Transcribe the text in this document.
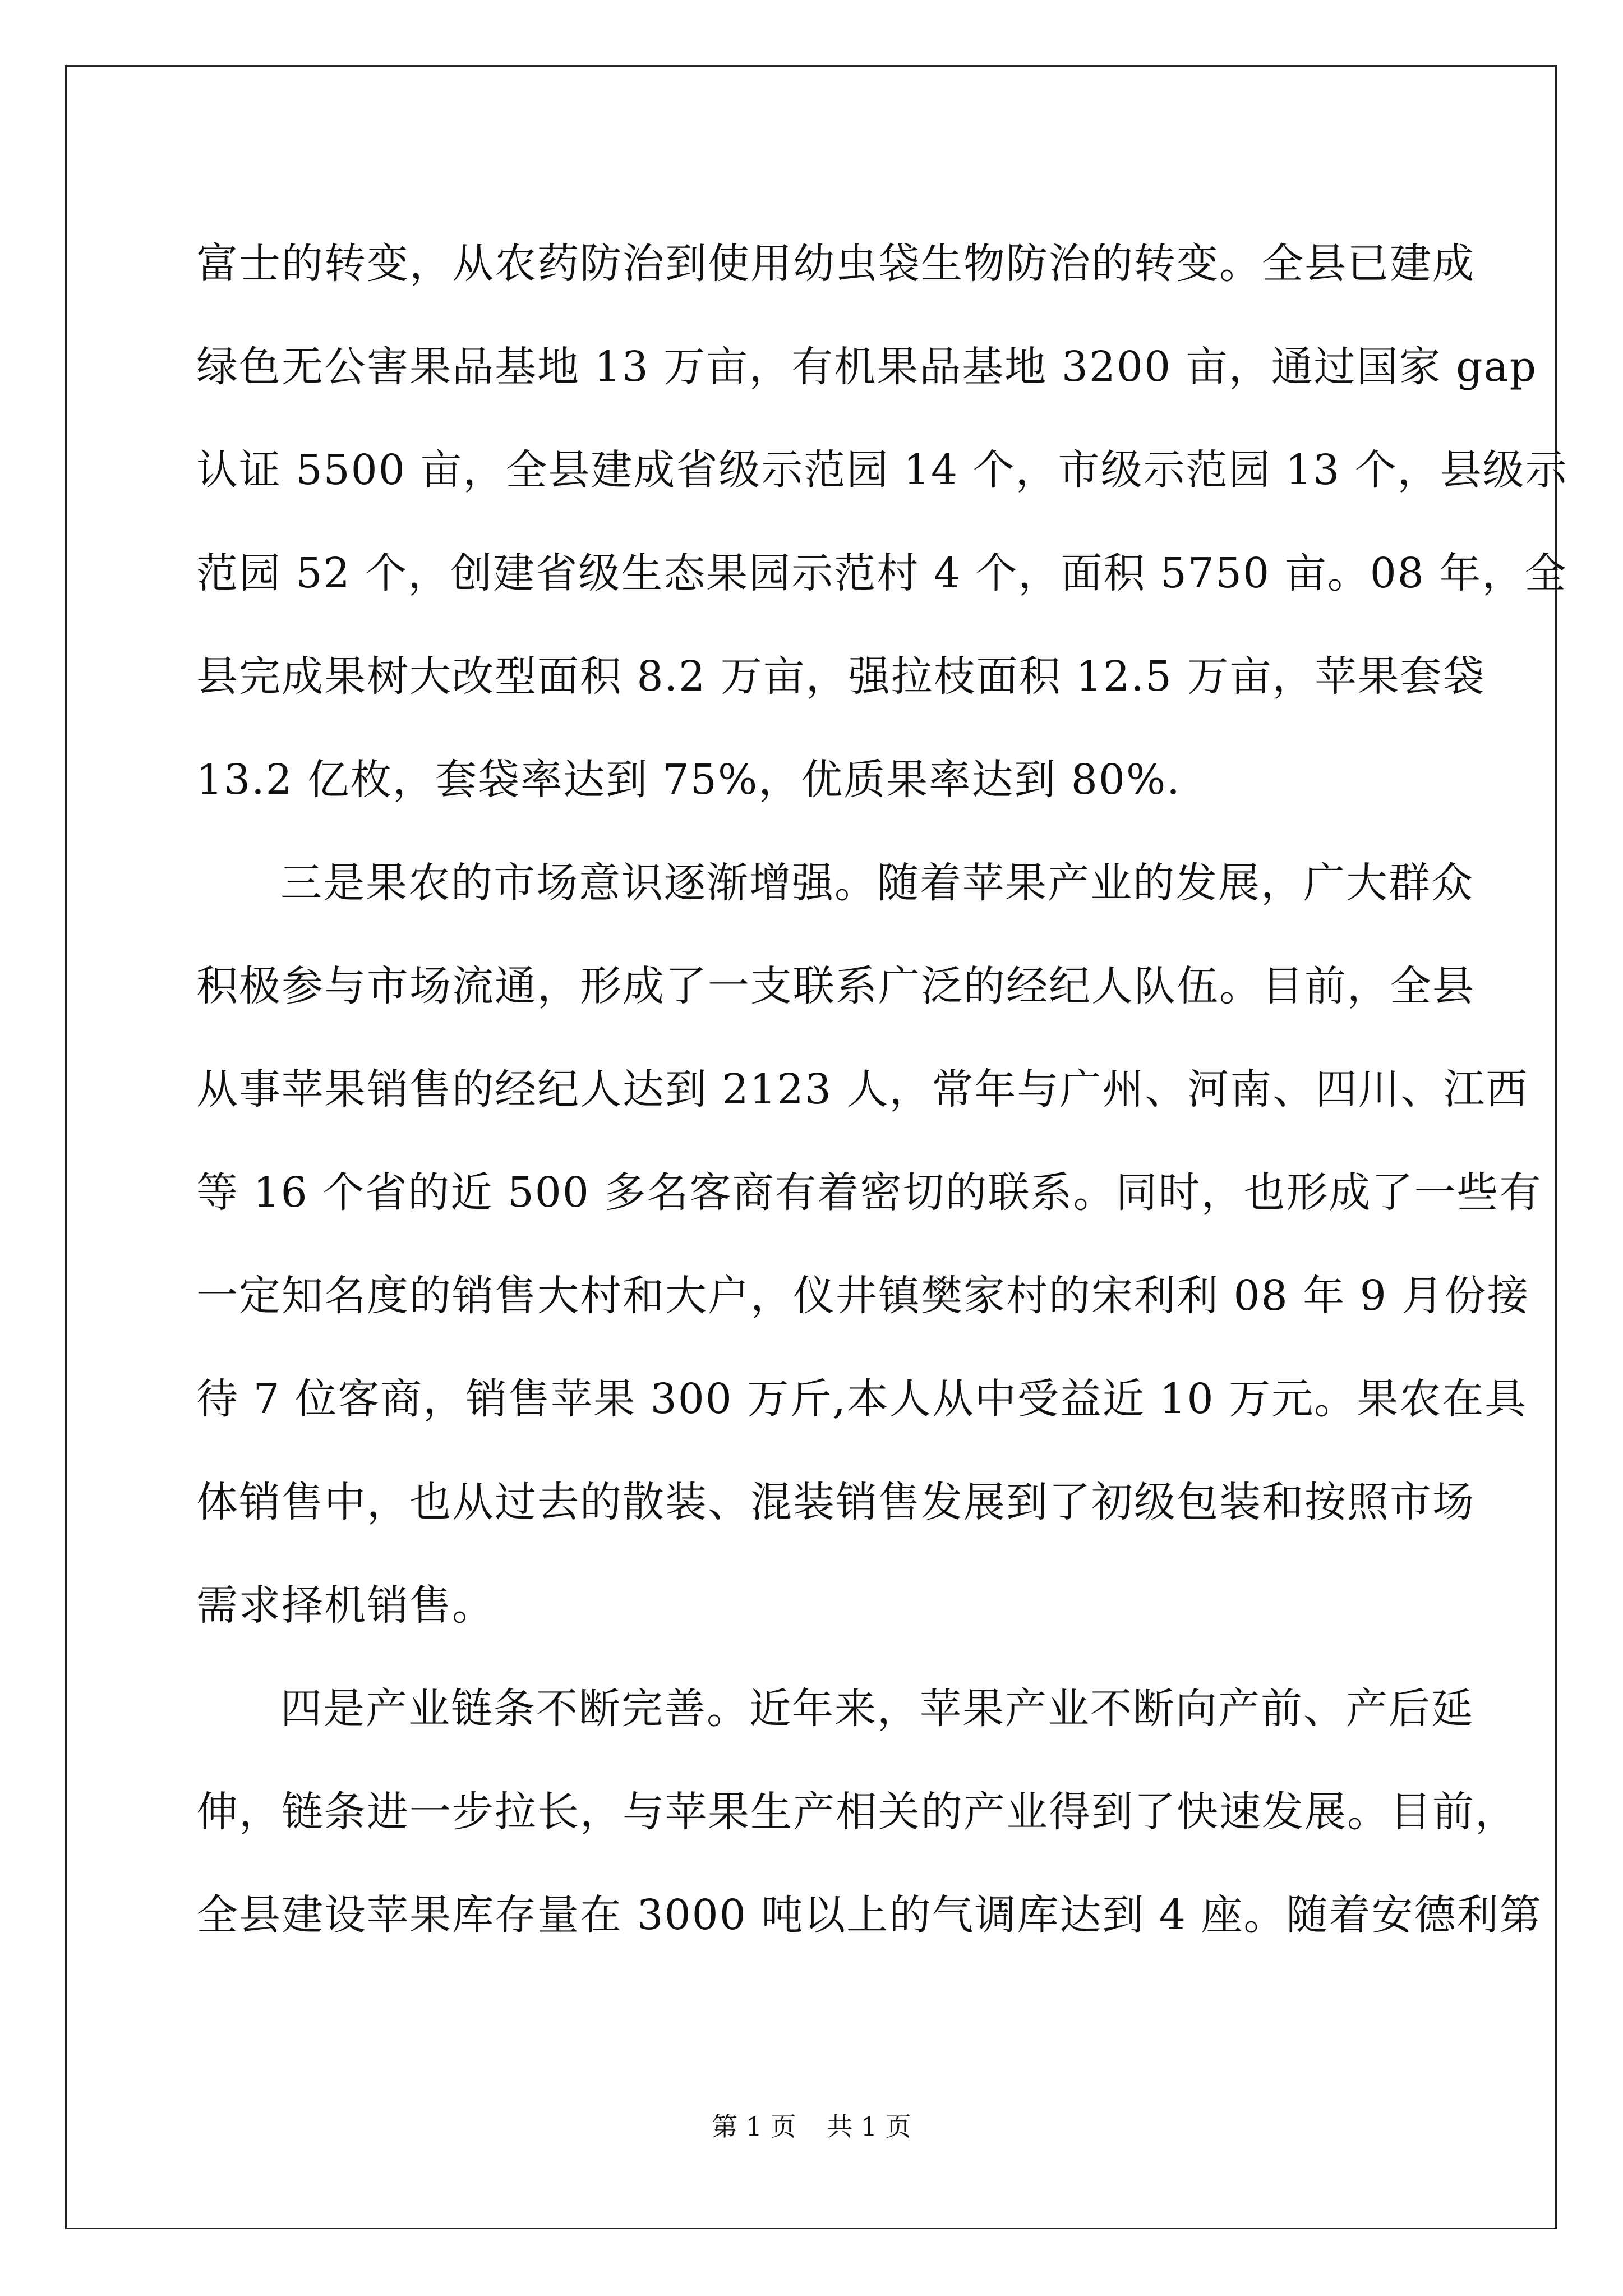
富士的转变，从农药防治到使用幼虫袋生物防治的转变。全县已建成
绿色无公害果品基地 13 万亩，有机果品基地 3200 亩，通过国家 gap
认证 5500 亩，全县建成省级示范园 14 个，市级示范园 13 个，县级示
范园 52 个，创建省级生态果园示范村 4 个，面积 5750 亩。08 年，全
县完成果树大改型面积 8.2 万亩，强拉枝面积 12.5 万亩，苹果套袋
13.2 亿枚，套袋率达到 75%，优质果率达到 80%.
三是果农的市场意识逐渐增强。随着苹果产业的发展，广大群众
积极参与市场流通，形成了一支联系广泛的经纪人队伍。目前，全县
从事苹果销售的经纪人达到 2123 人，常年与广州、河南、四川、江西
等 16 个省的近 500 多名客商有着密切的联系。同时，也形成了一些有
一定知名度的销售大村和大户，仪井镇樊家村的宋利利 08 年 9 月份接
待 7 位客商，销售苹果 300 万斤,本人从中受益近 10 万元。果农在具
体销售中，也从过去的散装、混装销售发展到了初级包装和按照市场
需求择机销售。
四是产业链条不断完善。近年来，苹果产业不断向产前、产后延
伸，链条进一步拉长，与苹果生产相关的产业得到了快速发展。目前，
全县建设苹果库存量在 3000 吨以上的气调库达到 4 座。随着安德利第
第 1 页 共 1 页
